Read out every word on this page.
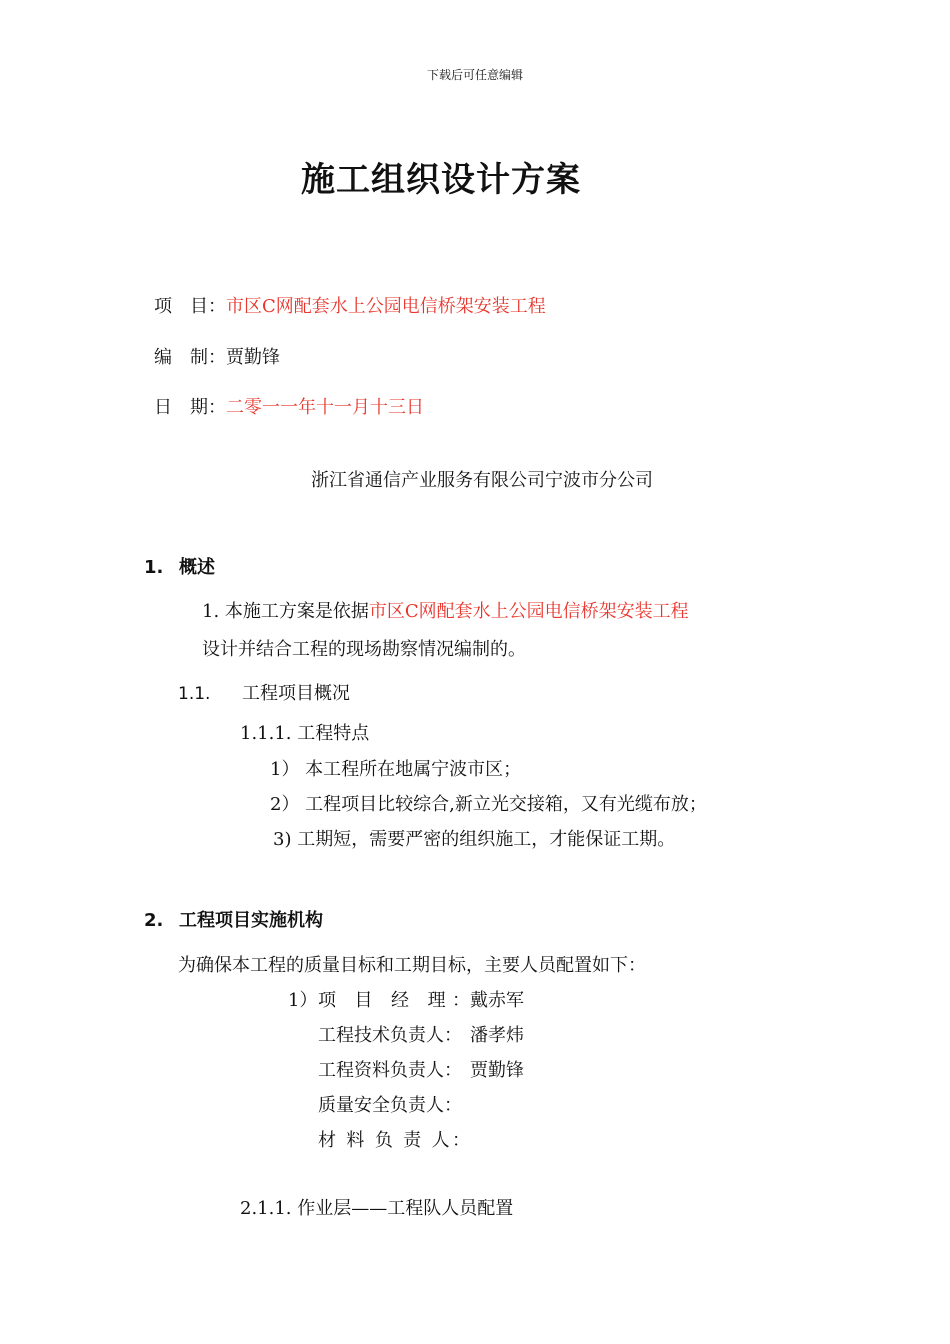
下载后可任意编辑
施工组织设计方案
项　目：市区C网配套水上公园电信桥架安装工程
编　制：贾勤锋
日　期：二零一一年十一月十三日
浙江省通信产业服务有限公司宁波市分公司
1. 概述
1. 本施工方案是依据市区C网配套水上公园电信桥架安装工程
设计并结合工程的现场勘察情况编制的。
1.1. 工程项目概况
1.1.1. 工程特点
1） 本工程所在地属宁波市区；
2） 工程项目比较综合,新立光交接箱，又有光缆布放；
3) 工期短，需要严密的组织施工，才能保证工期。
2. 工程项目实施机构
为确保本工程的质量目标和工期目标，主要人员配置如下：
1） 项 目 经 理：戴赤军
工程技术负责人： 潘孝炜
工程资料负责人： 贾勤锋
质量安全负责人：
材 料 负 责 人：
2.1.1. 作业层——工程队人员配置
